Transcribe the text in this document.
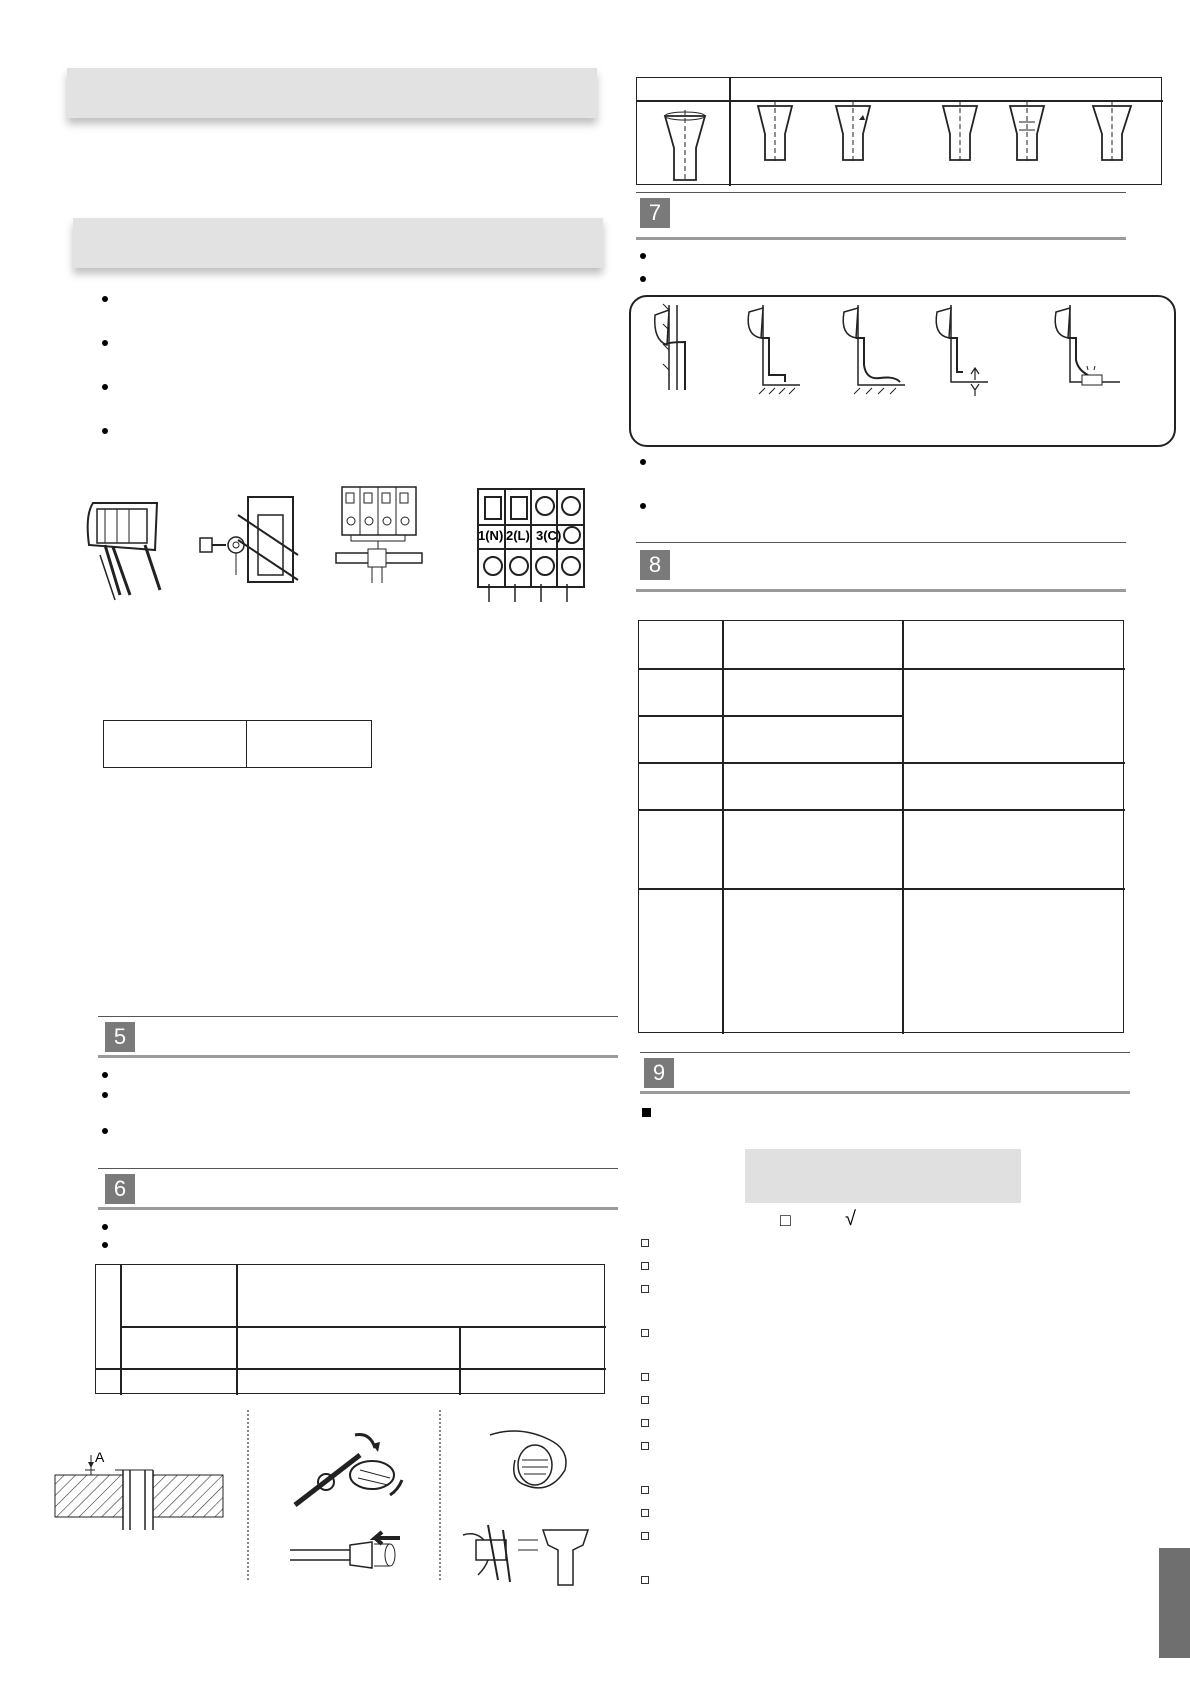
1(N) 2(L) 3(C)

5
6
A
7
8
9
□	√
